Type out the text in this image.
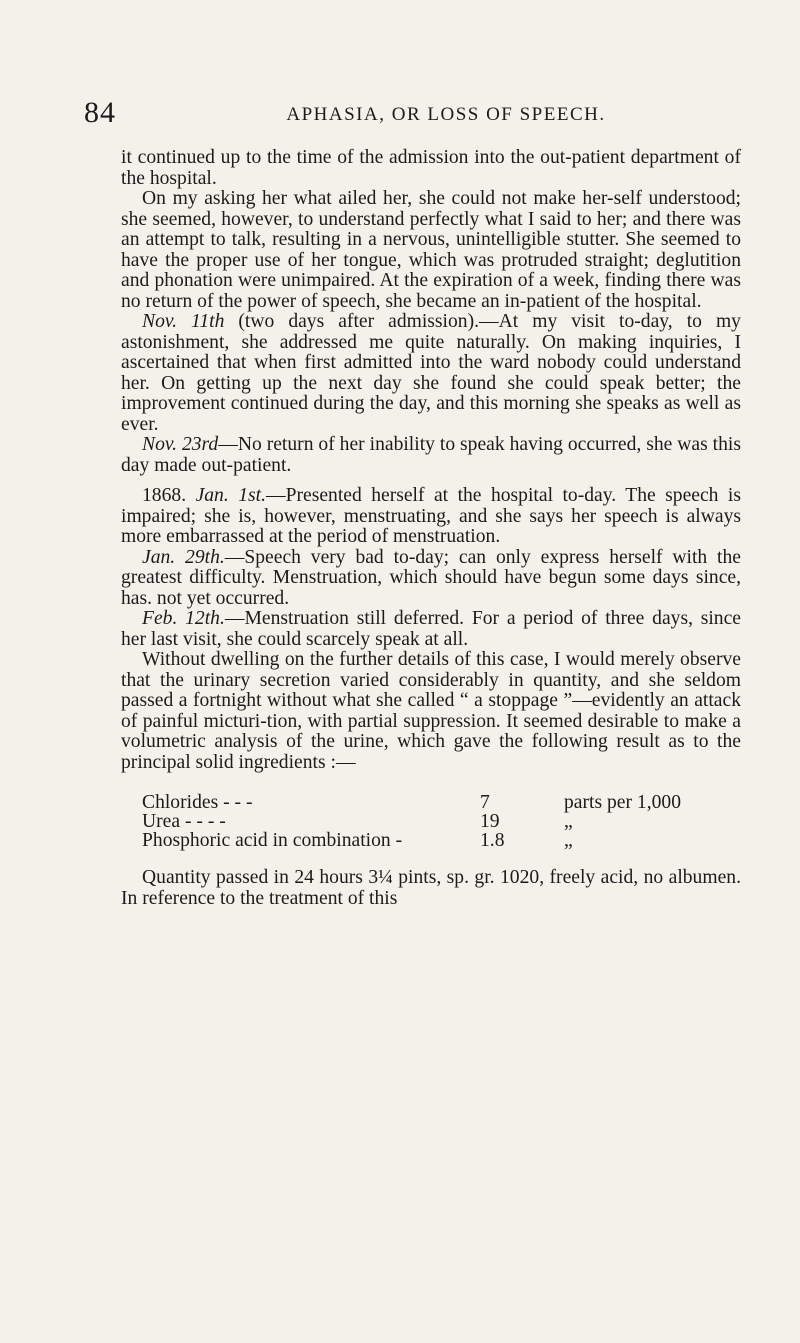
84	APHASIA, OR LOSS OF SPEECH.

it continued up to the time of the admission into the out-patient department of the hospital.

On my asking her what ailed her, she could not make her-self understood; she seemed, however, to understand perfectly what I said to her; and there was an attempt to talk, resulting in a nervous, unintelligible stutter. She seemed to have the proper use of her tongue, which was protruded straight; deglutition and phonation were unimpaired. At the expiration of a week, finding there was no return of the power of speech, she became an in-patient of the hospital.

Nov. 11th (two days after admission).—At my visit to-day, to my astonishment, she addressed me quite naturally. On making inquiries, I ascertained that when first admitted into the ward nobody could understand her. On getting up the next day she found she could speak better; the improvement continued during the day, and this morning she speaks as well as ever.

Nov. 23rd—No return of her inability to speak having occurred, she was this day made out-patient.

1868. Jan. 1st.—Presented herself at the hospital to-day. The speech is impaired; she is, however, menstruating, and she says her speech is always more embarrassed at the period of menstruation.

Jan. 29th.—Speech very bad to-day; can only express herself with the greatest difficulty. Menstruation, which should have begun some days since, has. not yet occurred.

Feb. 12th.—Menstruation still deferred. For a period of three days, since her last visit, she could scarcely speak at all.

Without dwelling on the further details of this case, I would merely observe that the urinary secretion varied considerably in quantity, and she seldom passed a fortnight without what she called “ a stoppage ”—evidently an attack of painful micturi-tion, with partial suppression. It seemed desirable to make a volumetric analysis of the urine, which gave the following result as to the principal solid ingredients :—

Chlorides - - -	7	parts per 1,000
Urea - - - -	19	„
Phosphoric acid in combination -	1.8	„

Quantity passed in 24 hours 3¼ pints, sp. gr. 1020, freely acid, no albumen. In reference to the treatment of this
